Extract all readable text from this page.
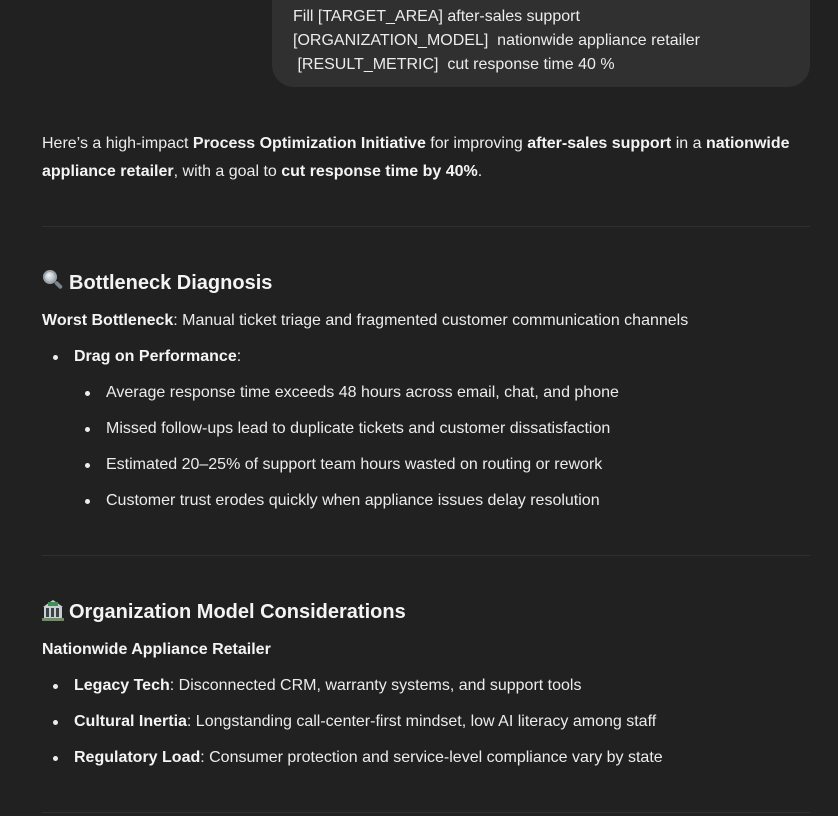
Fill [TARGET_AREA] after-sales support
[ORGANIZATION_MODEL]  nationwide appliance retailer
[RESULT_METRIC]  cut response time 40 %

Here’s a high-impact Process Optimization Initiative for improving after-sales support in a nationwide appliance retailer, with a goal to cut response time by 40%.

Bottleneck Diagnosis
Worst Bottleneck: Manual ticket triage and fragmented customer communication channels
Drag on Performance:
Average response time exceeds 48 hours across email, chat, and phone
Missed follow-ups lead to duplicate tickets and customer dissatisfaction
Estimated 20–25% of support team hours wasted on routing or rework
Customer trust erodes quickly when appliance issues delay resolution
Organization Model Considerations
Nationwide Appliance Retailer
Legacy Tech: Disconnected CRM, warranty systems, and support tools
Cultural Inertia: Longstanding call-center-first mindset, low AI literacy among staff
Regulatory Load: Consumer protection and service-level compliance vary by state
